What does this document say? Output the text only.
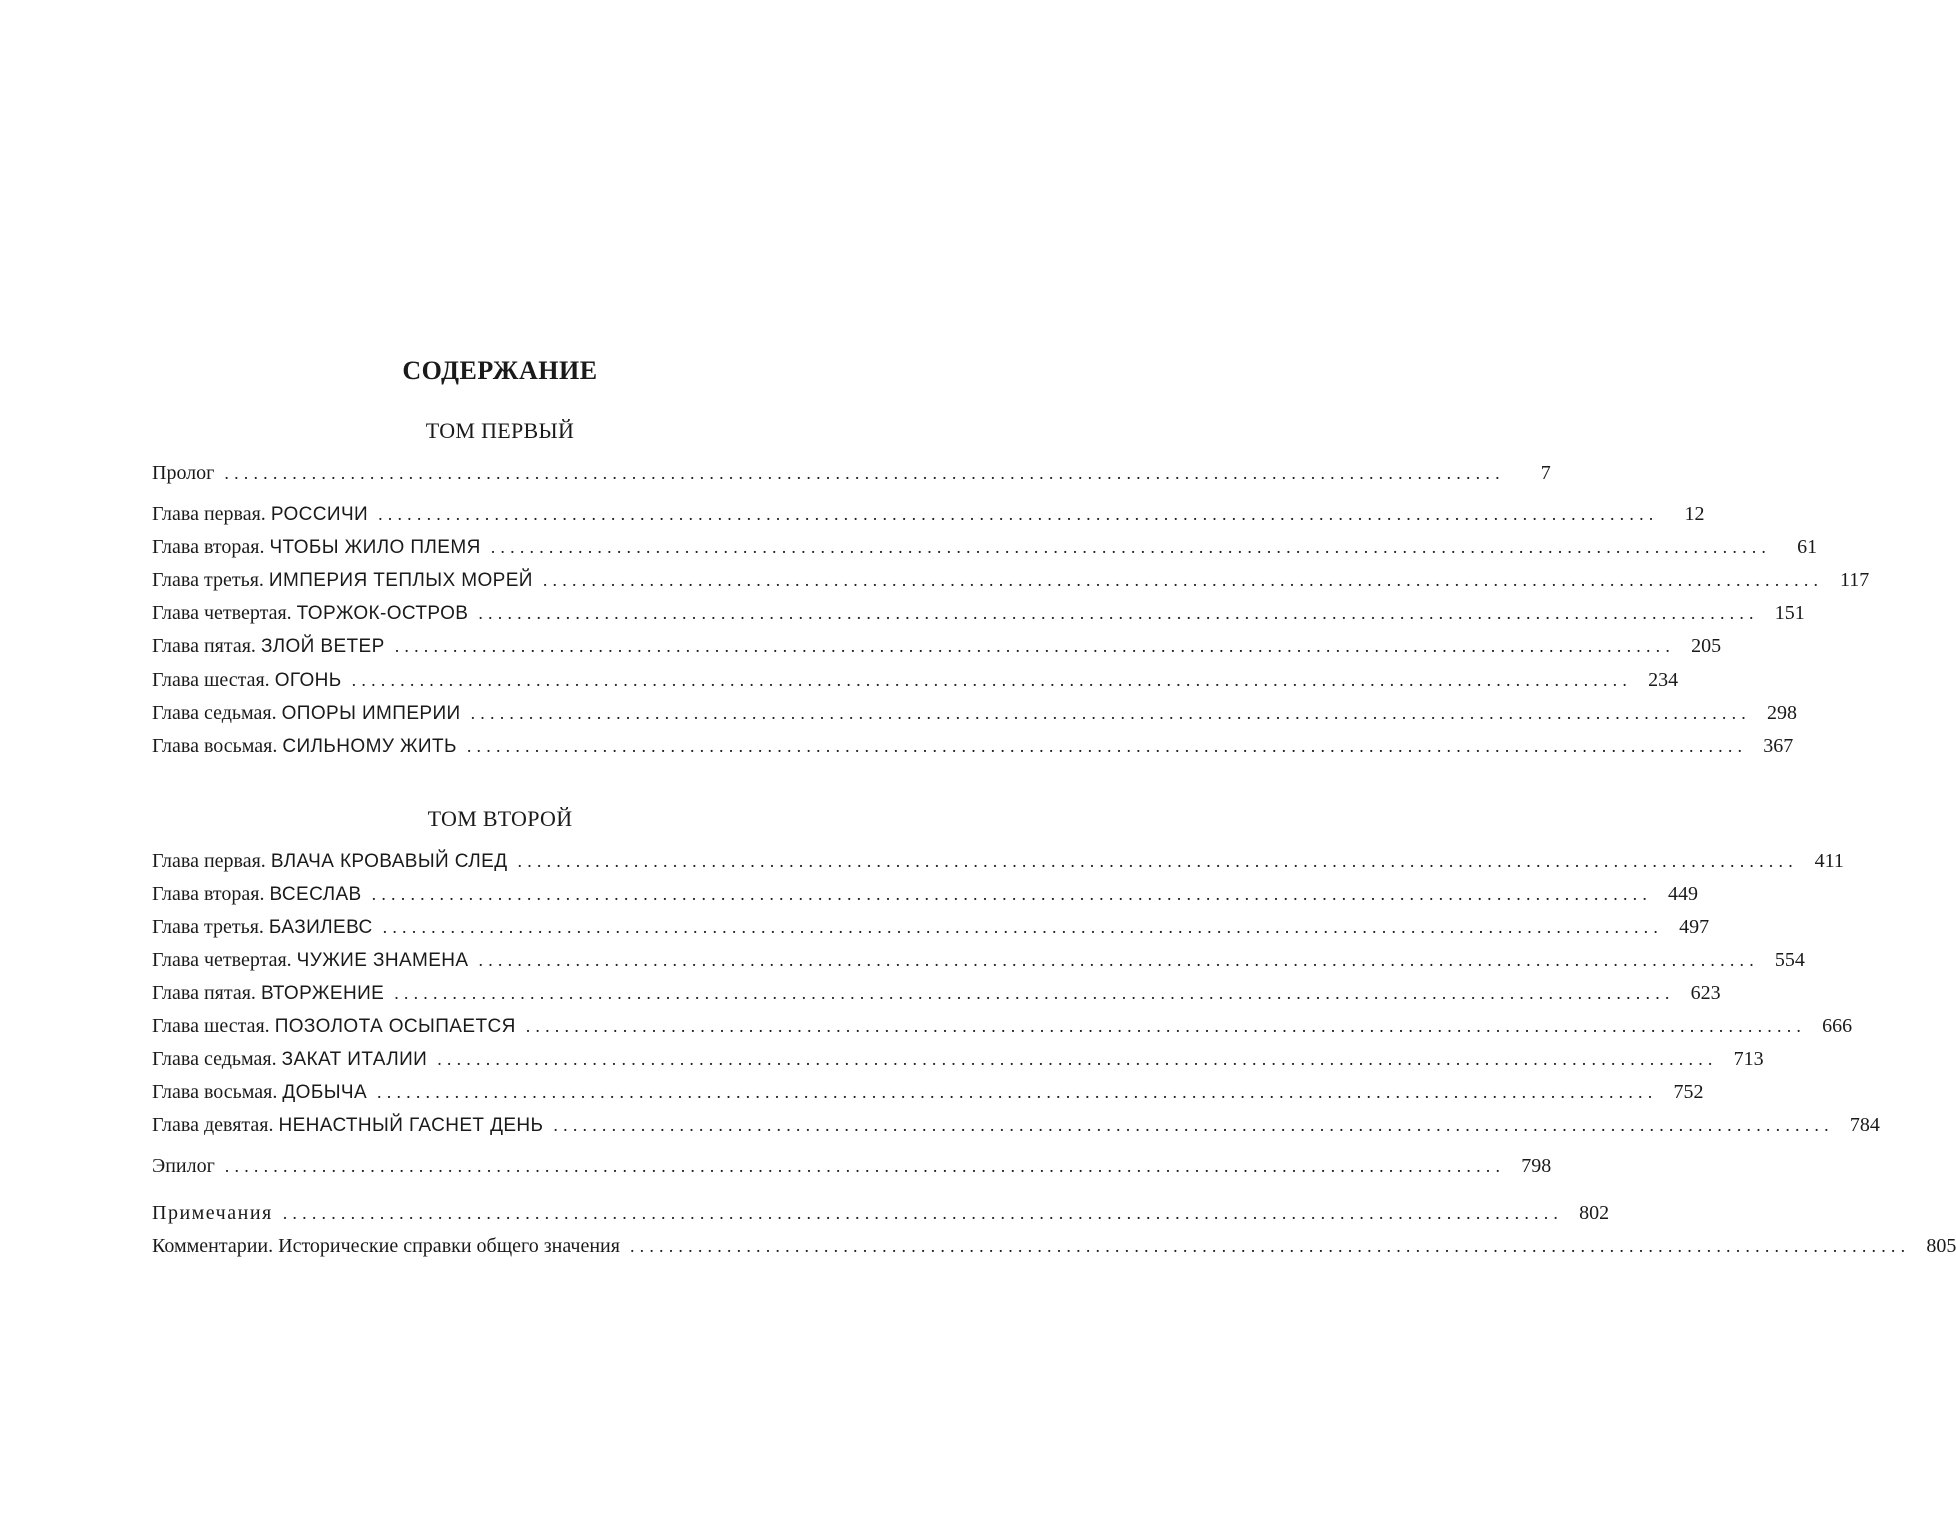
СОДЕРЖАНИЕ
ТОМ ПЕРВЫЙ
Пролог ....................................................................................................................................	7
Глава первая. РОССИЧИ ....................................................................................................................................	12
Глава вторая. ЧТОБЫ ЖИЛО ПЛЕМЯ ....................................................................................................................................	61
Глава третья. ИМПЕРИЯ ТЕПЛЫХ МОРЕЙ .................................................................................................................................... 117
Глава четвертая. ТОРЖОК-ОСТРОВ .................................................................................................................................... 151
Глава пятая. ЗЛОЙ ВЕТЕР .................................................................................................................................... 205
Глава шестая. ОГОНЬ .................................................................................................................................... 234
Глава седьмая. ОПОРЫ ИМПЕРИИ .................................................................................................................................... 298
Глава восьмая. СИЛЬНОМУ ЖИТЬ .................................................................................................................................... 367
ТОМ ВТОРОЙ
Глава первая. ВЛАЧА КРОВАВЫЙ СЛЕД .................................................................................................................................... 411
Глава вторая. ВСЕСЛАВ .................................................................................................................................... 449
Глава третья. БАЗИЛЕВС .................................................................................................................................... 497
Глава четвертая. ЧУЖИЕ ЗНАМЕНА .................................................................................................................................... 554
Глава пятая. ВТОРЖЕНИЕ .................................................................................................................................... 623
Глава шестая. ПОЗОЛОТА ОСЫПАЕТСЯ .................................................................................................................................... 666
Глава седьмая. ЗАКАТ ИТАЛИИ .................................................................................................................................... 713
Глава восьмая. ДОБЫЧА .................................................................................................................................... 752
Глава девятая. НЕНАСТНЫЙ ГАСНЕТ ДЕНЬ .................................................................................................................................... 784
Эпилог .................................................................................................................................... 798
Примечания .................................................................................................................................... 802
Комментарии. Исторические справки общего значения .................................................................................................................................... 805
